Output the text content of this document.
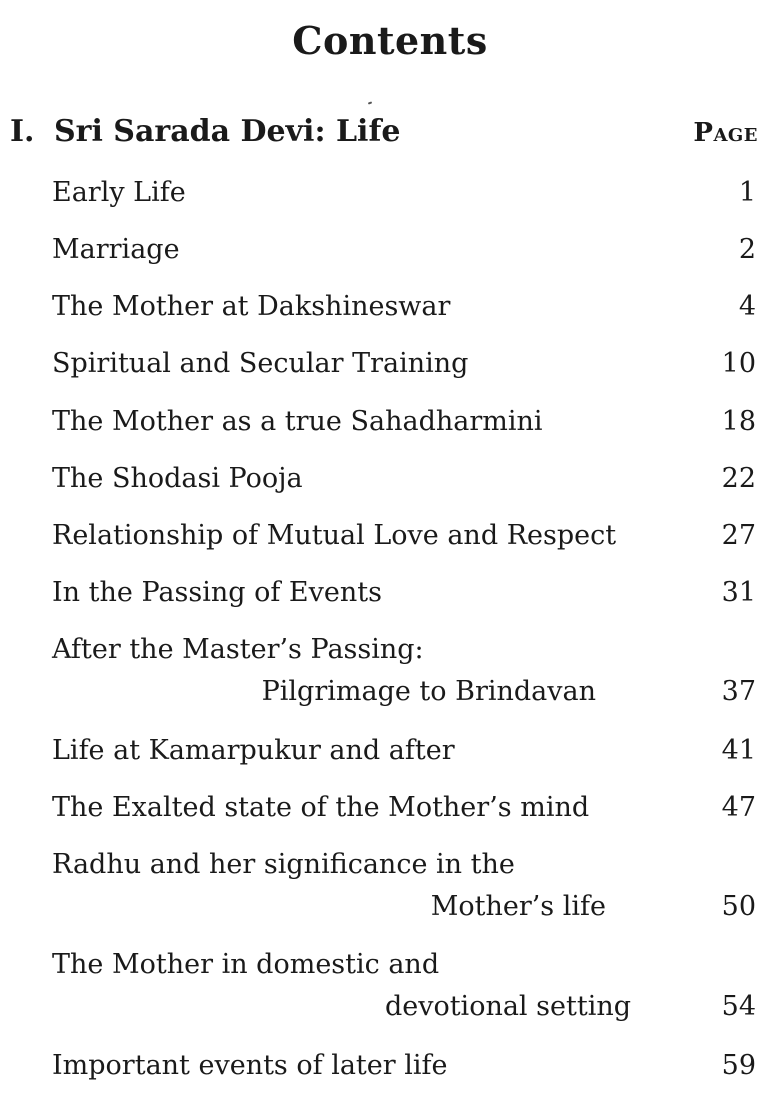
Contents
I. Sri Sarada Devi: Life	Page
Early Life	1
Marriage	2
The Mother at Dakshineswar	4
Spiritual and Secular Training	10
The Mother as a true Sahadharmini	18
The Shodasi Pooja	22
Relationship of Mutual Love and Respect	27
In the Passing of Events	31
After the Master’s Passing:
Pilgrimage to Brindavan	37
Life at Kamarpukur and after	41
The Exalted state of the Mother’s mind	47
Radhu and her significance in the
Mother’s life	50
The Mother in domestic and
devotional setting	54
Important events of later life	59
